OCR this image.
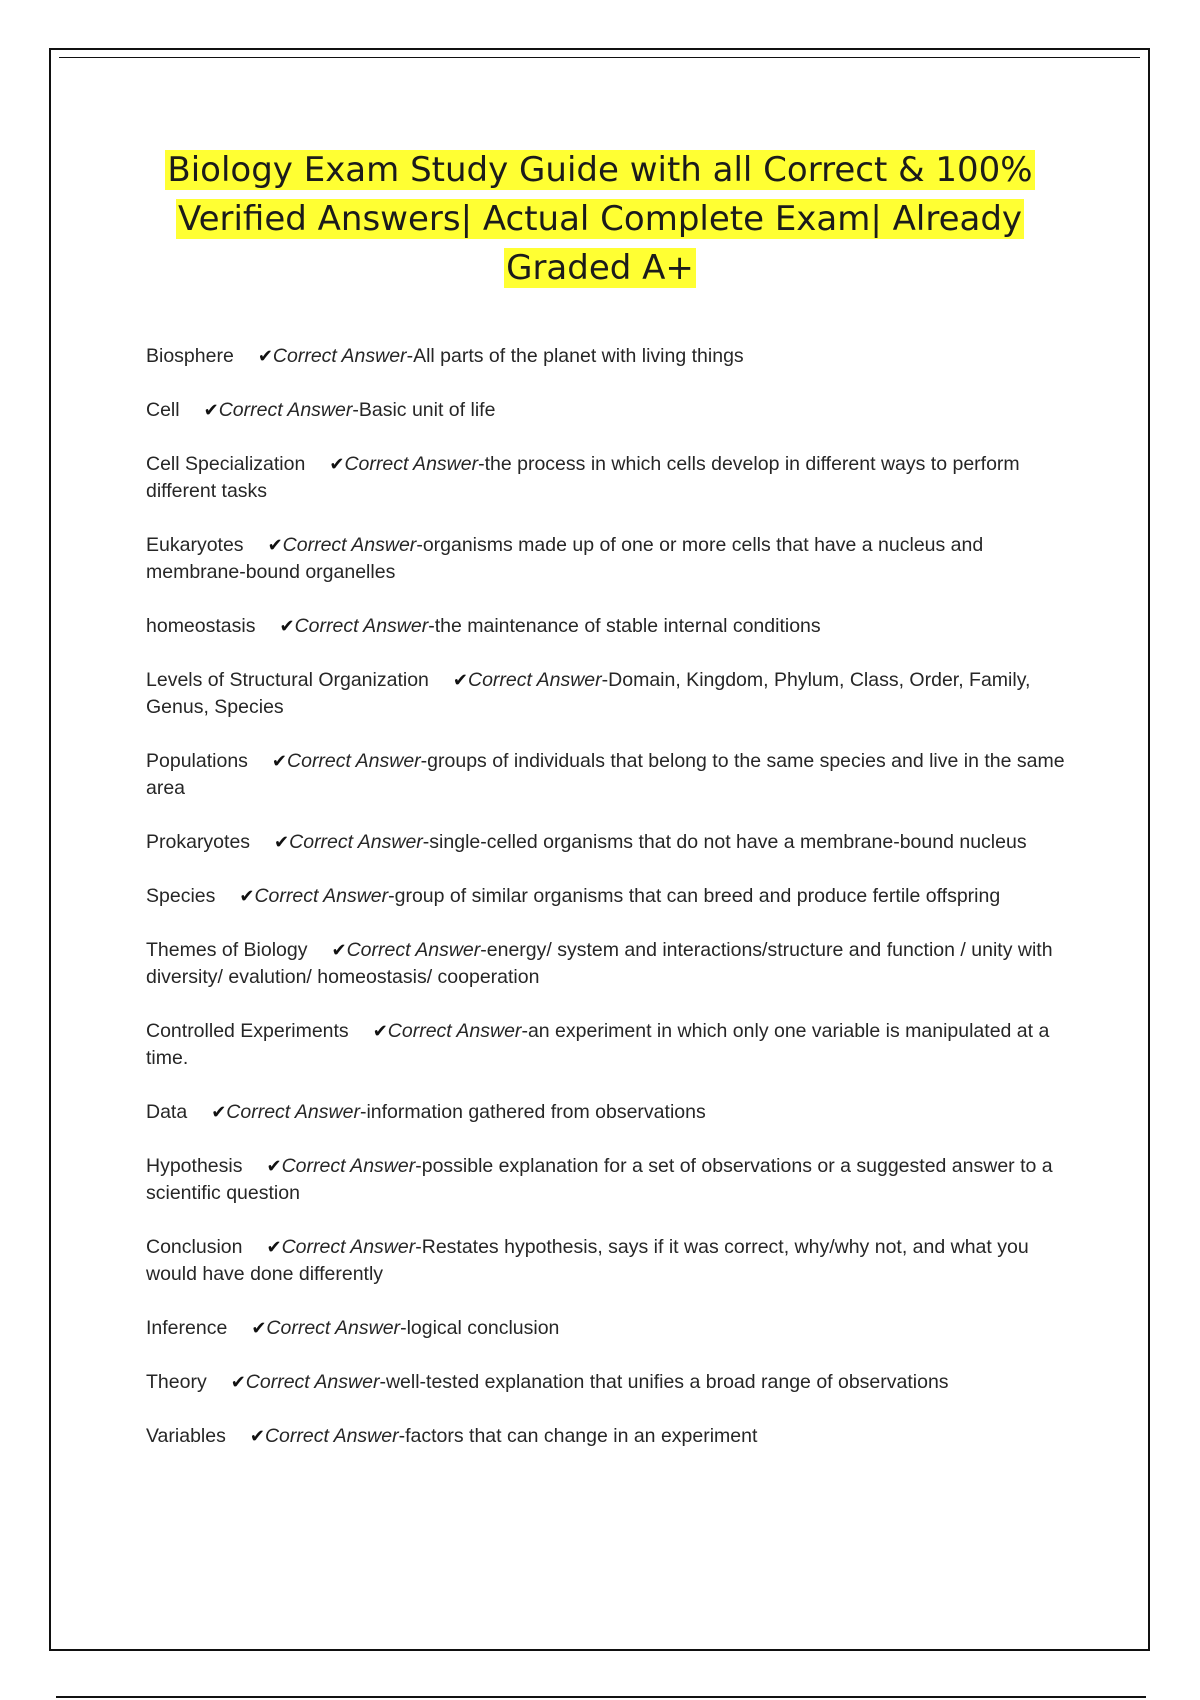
Biology Exam Study Guide with all Correct & 100% Verified Answers| Actual Complete Exam| Already Graded A+
Biosphere ✔Correct Answer-All parts of the planet with living things
Cell ✔Correct Answer-Basic unit of life
Cell Specialization ✔Correct Answer-the process in which cells develop in different ways to perform different tasks
Eukaryotes ✔Correct Answer-organisms made up of one or more cells that have a nucleus and membrane-bound organelles
homeostasis ✔Correct Answer-the maintenance of stable internal conditions
Levels of Structural Organization ✔Correct Answer-Domain, Kingdom, Phylum, Class, Order, Family, Genus, Species
Populations ✔Correct Answer-groups of individuals that belong to the same species and live in the same area
Prokaryotes ✔Correct Answer-single-celled organisms that do not have a membrane-bound nucleus
Species ✔Correct Answer-group of similar organisms that can breed and produce fertile offspring
Themes of Biology ✔Correct Answer-energy/ system and interactions/structure and function / unity with diversity/ evalution/ homeostasis/ cooperation
Controlled Experiments ✔Correct Answer-an experiment in which only one variable is manipulated at a time.
Data ✔Correct Answer-information gathered from observations
Hypothesis ✔Correct Answer-possible explanation for a set of observations or a suggested answer to a scientific question
Conclusion ✔Correct Answer-Restates hypothesis, says if it was correct, why/why not, and what you would have done differently
Inference ✔Correct Answer-logical conclusion
Theory ✔Correct Answer-well-tested explanation that unifies a broad range of observations
Variables ✔Correct Answer-factors that can change in an experiment
